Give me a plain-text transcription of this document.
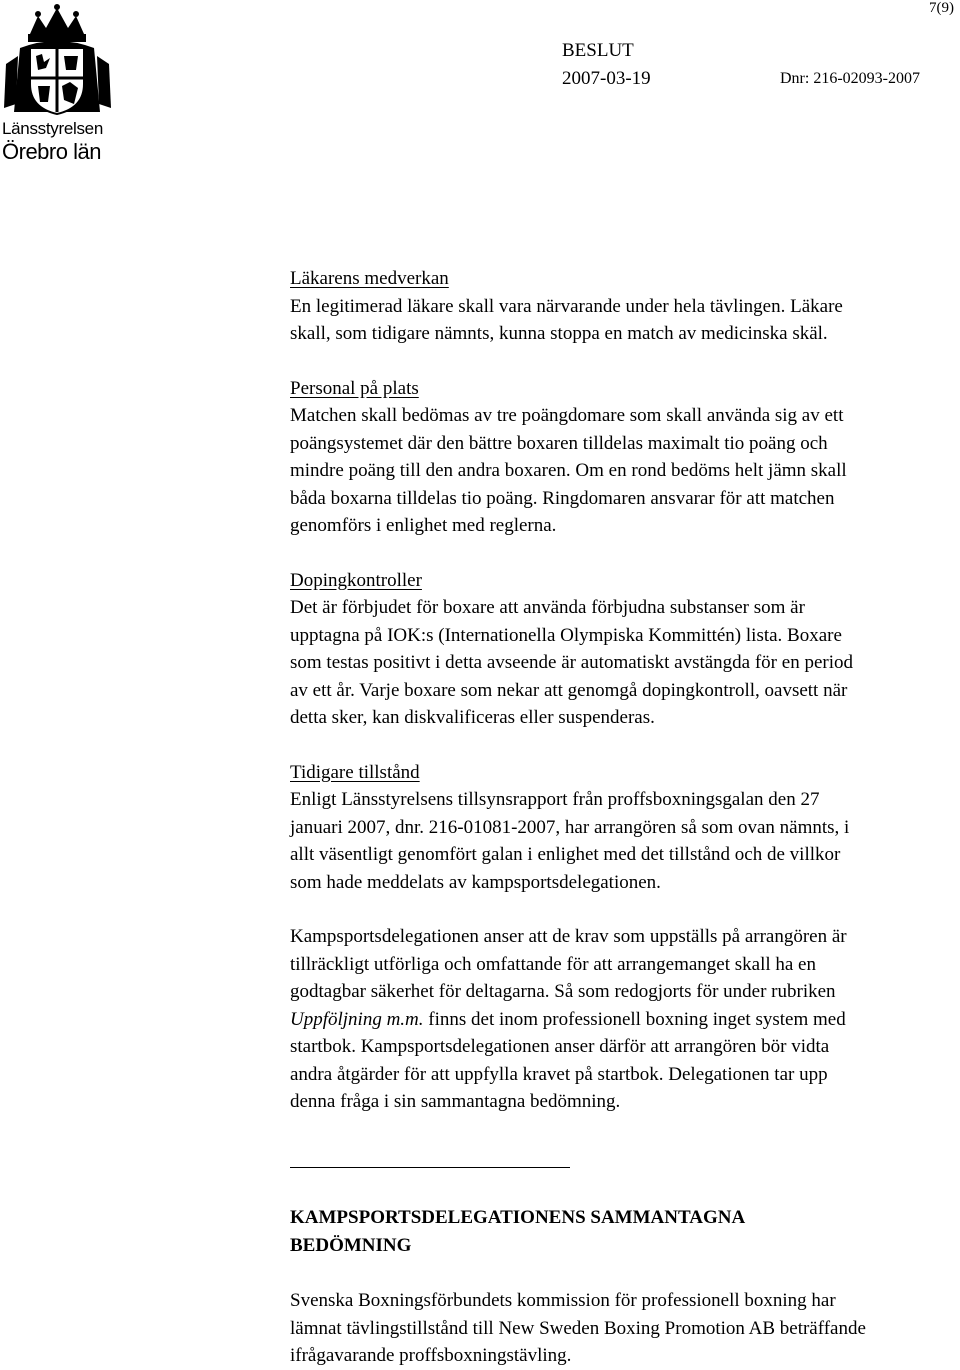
7(9)
Länsstyrelsen
Örebro län
BESLUT
2007-03-19	Dnr: 216-02093-2007

Läkarens medverkan

En legitimerad läkare skall vara närvarande under hela tävlingen. Läkare

skall, som tidigare nämnts, kunna stoppa en match av medicinska skäl.

Personal på plats

Matchen skall bedömas av tre poängdomare som skall använda sig av ett

poängsystemet där den bättre boxaren tilldelas maximalt tio poäng och

mindre poäng till den andra boxaren. Om en rond bedöms helt jämn skall

båda boxarna tilldelas tio poäng. Ringdomaren ansvarar för att matchen

genomförs i enlighet med reglerna.

Dopingkontroller

Det är förbjudet för boxare att använda förbjudna substanser som är

upptagna på IOK:s (Internationella Olympiska Kommittén) lista. Boxare

som testas positivt i detta avseende är automatiskt avstängda för en period

av ett år. Varje boxare som nekar att genomgå dopingkontroll, oavsett när

detta sker, kan diskvalificeras eller suspenderas.

Tidigare tillstånd

Enligt Länsstyrelsens tillsynsrapport från proffsboxningsgalan den 27

januari 2007, dnr. 216-01081-2007, har arrangören så som ovan nämnts, i

allt väsentligt genomfört galan i enlighet med det tillstånd och de villkor

som hade meddelats av kampsportsdelegationen.

Kampsportsdelegationen anser att de krav som uppställs på arrangören är

tillräckligt utförliga och omfattande för att arrangemanget skall ha en

godtagbar säkerhet för deltagarna. Så som redogjorts för under rubriken

Uppföljning m.m. finns det inom professionell boxning inget system med

startbok. Kampsportsdelegationen anser därför att arrangören bör vidta

andra åtgärder för att uppfylla kravet på startbok. Delegationen tar upp

denna fråga i sin sammantagna bedömning.

KAMPSPORTSDELEGATIONENS SAMMANTAGNA
BEDÖMNING

Svenska Boxningsförbundets kommission för professionell boxning har

lämnat tävlingstillstånd till New Sweden Boxing Promotion AB beträffande

ifrågavarande proffsboxningstävling.
